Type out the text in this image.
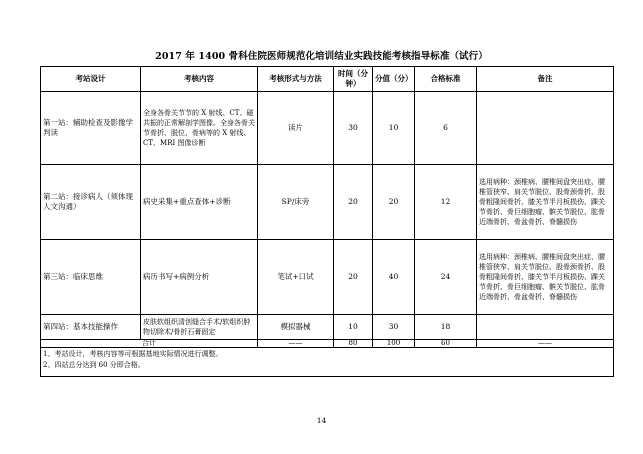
2017 年 1400 骨科住院医师规范化培训结业实践技能考核指导标准（试行）
考站设计	考核内容	考核形式与方法	时间（分钟）	分值（分）	合格标准	备注
第一站：辅助检查及影像学判读	全身各骨关节节的 X 射线、CT、磁共振的正常解剖学图像。全身各骨关节骨折、脱位、骨病等的 X 射线、CT、MRI 图像诊断	读片	30	10	6	
第二站：接诊病人（须体现人文沟通）	病史采集+重点查体+诊断	SP/床旁	20	20	12	选用病种：颈椎病、腰椎间盘突出症、腰椎管狭窄、肩关节脱位、股骨颈骨折、股骨粗隆间骨折、膝关节半月板损伤、踝关节骨折、骨巨细胞瘤、髌关节脱位、肱骨近端骨折、骨盆骨折、脊髓损伤
第三站：临床思维	病历书写+病例分析	笔试+口试	20	40	24	选用病种：颈椎病、腰椎间盘突出症、腰椎管狭窄、肩关节脱位、股骨颈骨折、股骨粗隆间骨折、膝关节半月板损伤、踝关节骨折、骨巨细胞瘤、髌关节脱位、肱骨近端骨折、骨盆骨折、脊髓损伤
第四站：基本技能操作	皮肤软组织清创缝合手术/软组织肿物切除术/骨折石膏固定	模拟器械	10	30	18	
合计		——	80	100	60	——

1、考站设计，考核内容等可根据基地实际情况进行调整。
2、四站总分达到 60 分即合格。						
14
